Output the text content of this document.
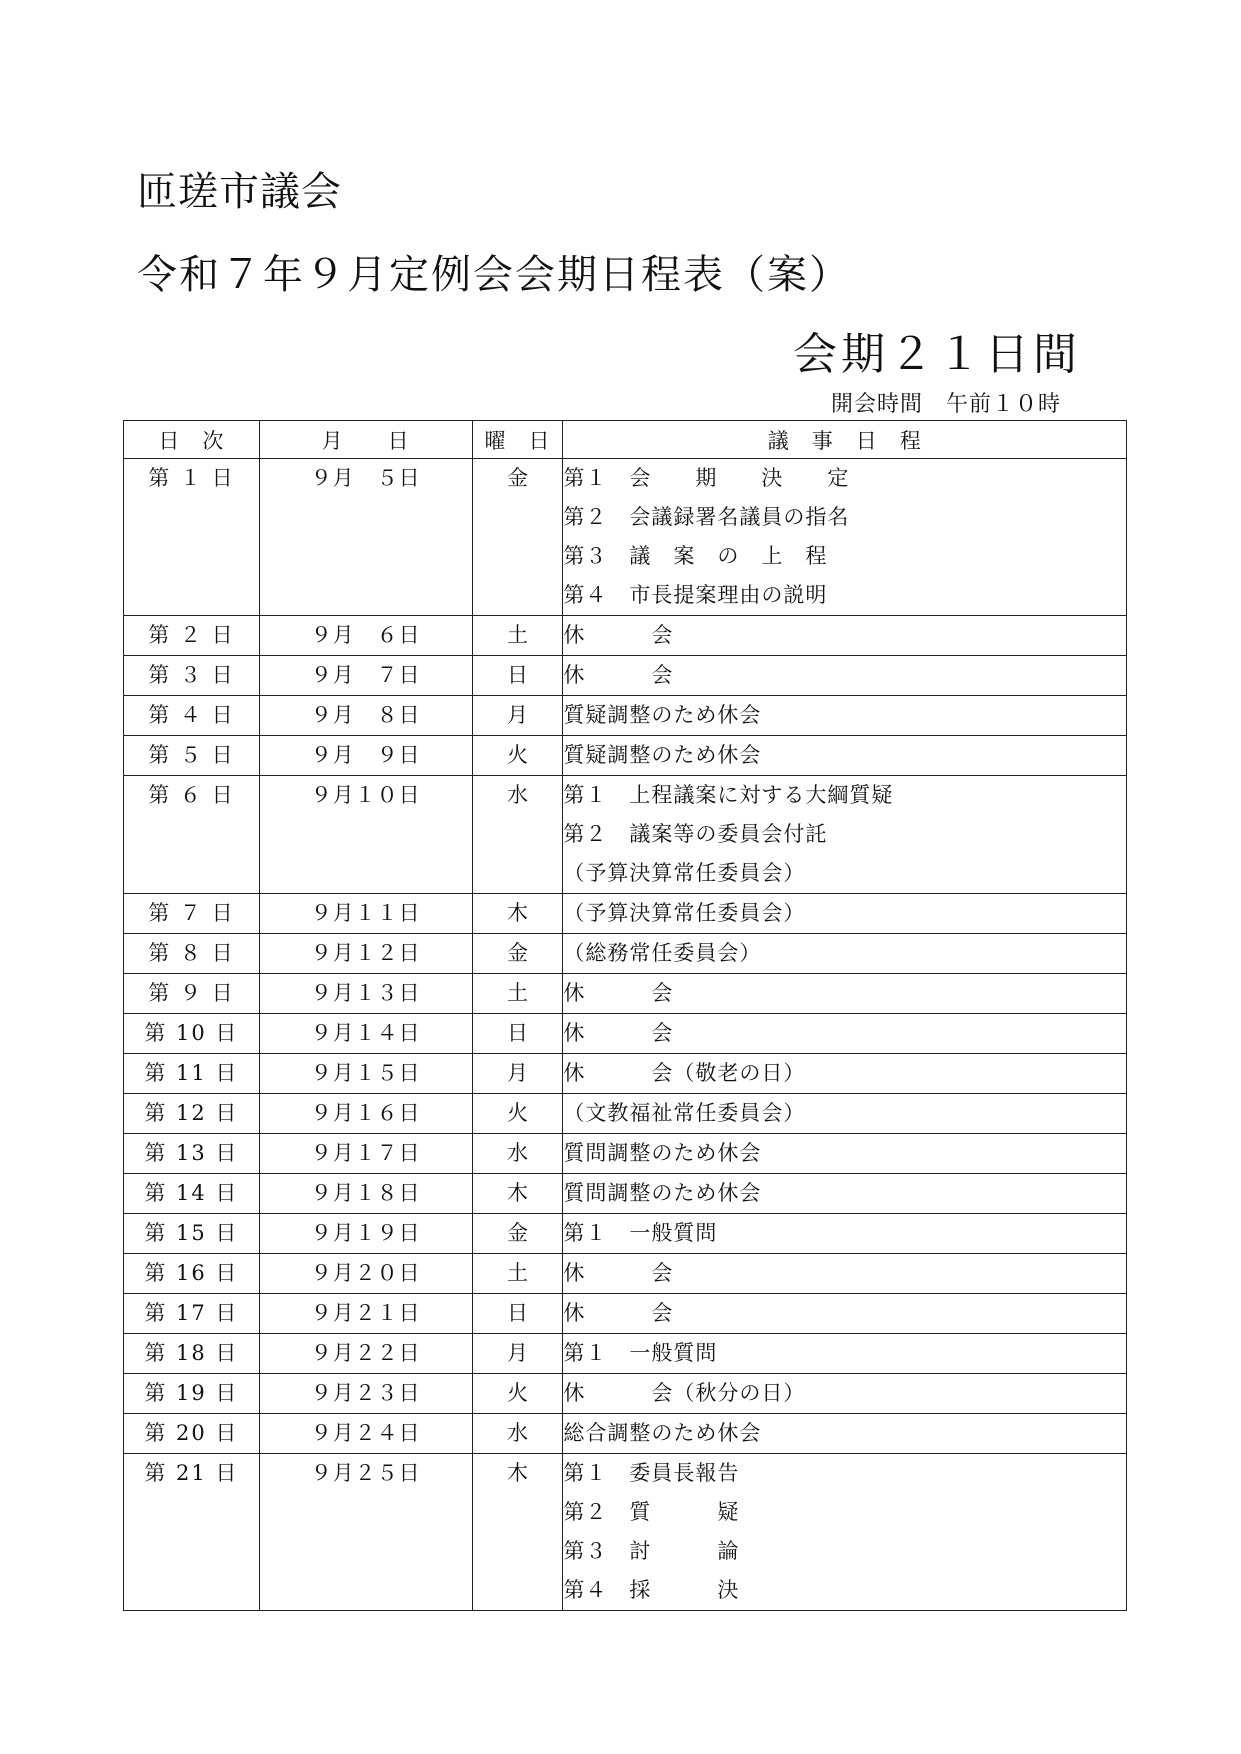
匝瑳市議会
令和７年９月定例会会期日程表（案）
会期２１日間
開会時間　午前１０時
日　次	月　　日	曜　日	議　事　日　程
第 １ 日	９月　５日	金	第１　会　　期　　決　　定
第２　会議録署名議員の指名
第３　議　案　の　上　程
第４　市長提案理由の説明

第 ２ 日	９月　６日	土	休　　　会

第 ３ 日	９月　７日	日	休　　　会

第 ４ 日	９月　８日	月	質疑調整のため休会

第 ５ 日	９月　９日	火	質疑調整のため休会

第 ６ 日	９月１０日	水	第１　上程議案に対する大綱質疑
第２　議案等の委員会付託
（予算決算常任委員会）

第 ７ 日	９月１１日	木	（予算決算常任委員会）

第 ８ 日	９月１２日	金	（総務常任委員会）

第 ９ 日	９月１３日	土	休　　　会

第 10 日	９月１４日	日	休　　　会

第 11 日	９月１５日	月	休　　　会（敬老の日）

第 12 日	９月１６日	火	（文教福祉常任委員会）

第 13 日	９月１７日	水	質問調整のため休会

第 14 日	９月１８日	木	質問調整のため休会

第 15 日	９月１９日	金	第１　一般質問

第 16 日	９月２０日	土	休　　　会

第 17 日	９月２１日	日	休　　　会

第 18 日	９月２２日	月	第１　一般質問

第 19 日	９月２３日	火	休　　　会（秋分の日）

第 20 日	９月２４日	水	総合調整のため休会

第 21 日	９月２５日	木	第１　委員長報告
第２　質　　　疑
第３　討　　　論
第４　採　　　決
